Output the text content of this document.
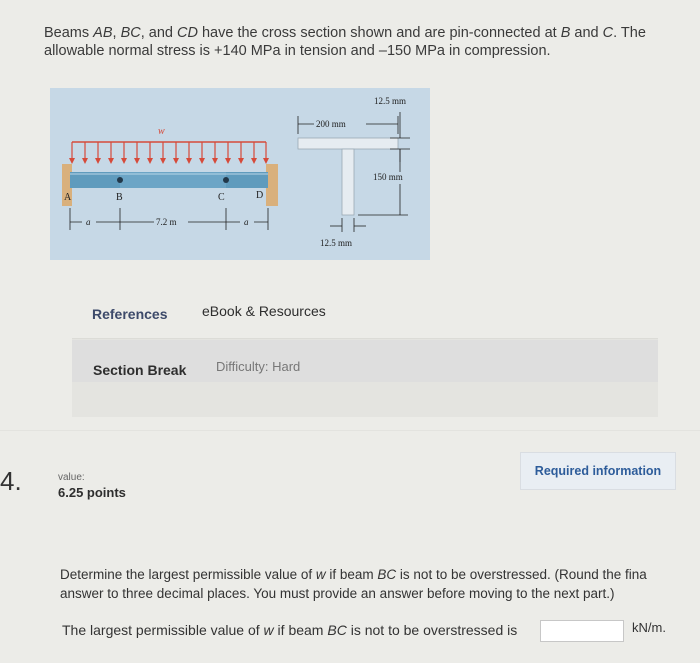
Beams AB, BC, and CD have the cross section shown and are pin-connected at B and C. The
allowable normal stress is +140 MPa in tension and –150 MPa in compression.
w
A	B	C	D
a	7.2 m	a
12.5 mm
200 mm
150 mm
12.5 mm
References eBook & Resources
Section Break Difficulty: Hard
4.	value:
6.25 points
Required information
Determine the largest permissible value of w if beam BC is not to be overstressed. (Round the fina
answer to three decimal places. You must provide an answer before moving to the next part.)
The largest permissible value of w if beam BC is not to be overstressed is	kN/m.
